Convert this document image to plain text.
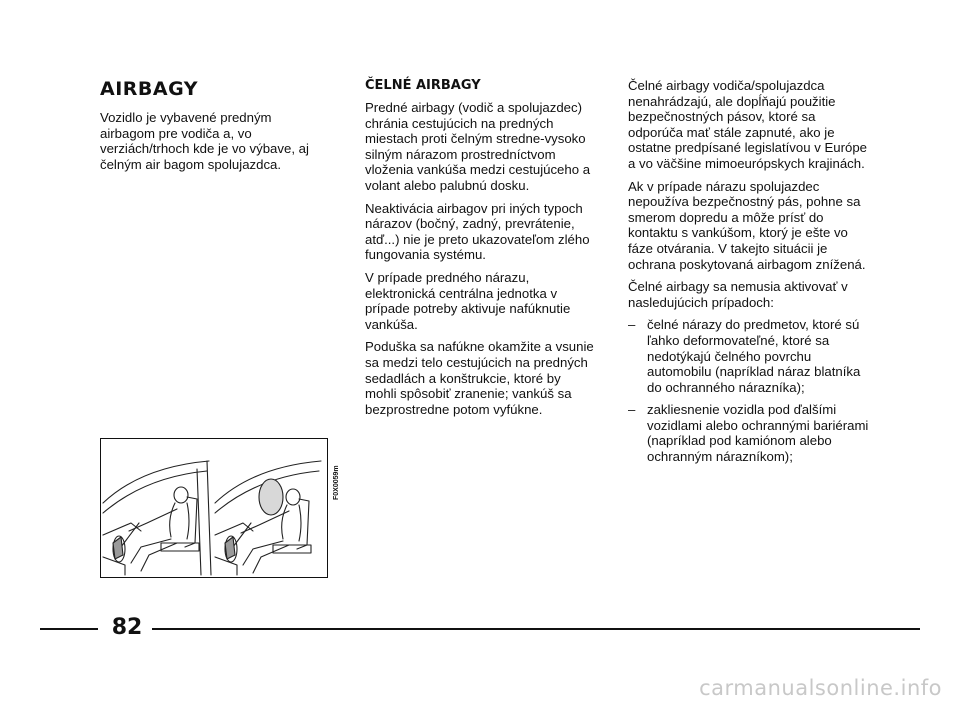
AIRBAGY

Vozidlo je vybavené predným airbagom pre vodiča a, vo verziách/trhoch kde je vo výbave, aj čelným air bagom spolujazdca.

ČELNÉ AIRBAGY

Predné airbagy (vodič a spolujazdec) chránia cestujúcich na predných miestach proti čelným stredne-vysoko silným nárazom prostredníctvom vloženia vankúša medzi cestujúceho a volant alebo palubnú dosku.

Neaktivácia airbagov pri iných typoch nárazov (bočný, zadný, prevrátenie, atď...) nie je preto ukazovateľom zlého fungovania systému.

V prípade predného nárazu, elektronická centrálna jednotka v prípade potreby aktivuje nafúknutie vankúša.

Poduška sa nafúkne okamžite a vsunie sa medzi telo cestujúcich na predných sedadlách a konštrukcie, ktoré by mohli spôsobiť zranenie; vankúš sa bezprostredne potom vyfúkne.

Čelné airbagy vodiča/spolujazdca nenahrádzajú, ale dopĺňajú použitie bezpečnostných pásov, ktoré sa odporúča mať stále zapnuté, ako je ostatne predpísané legislatívou v Európe a vo väčšine mimoeurópskych krajinách.

Ak v prípade nárazu spolujazdec nepoužíva bezpečnostný pás, pohne sa smerom dopredu a môže prísť do kontaktu s vankúšom, ktorý je ešte vo fáze otvárania. V takejto situácii je ochrana poskytovaná airbagom znížená.

Čelné airbagy sa nemusia aktivovať v nasledujúcich prípadoch:

– čelné nárazy do predmetov, ktoré sú ľahko deformovateľné, ktoré sa nedotýkajú čelného povrchu automobilu (napríklad náraz blatníka do ochranného nárazníka);
– zakliesnenie vozidla pod ďalšími vozidlami alebo ochrannými bariérami (napríklad pod kamiónom alebo ochranným nárazníkom);
F0X0059m
82
carmanualsonline.info
